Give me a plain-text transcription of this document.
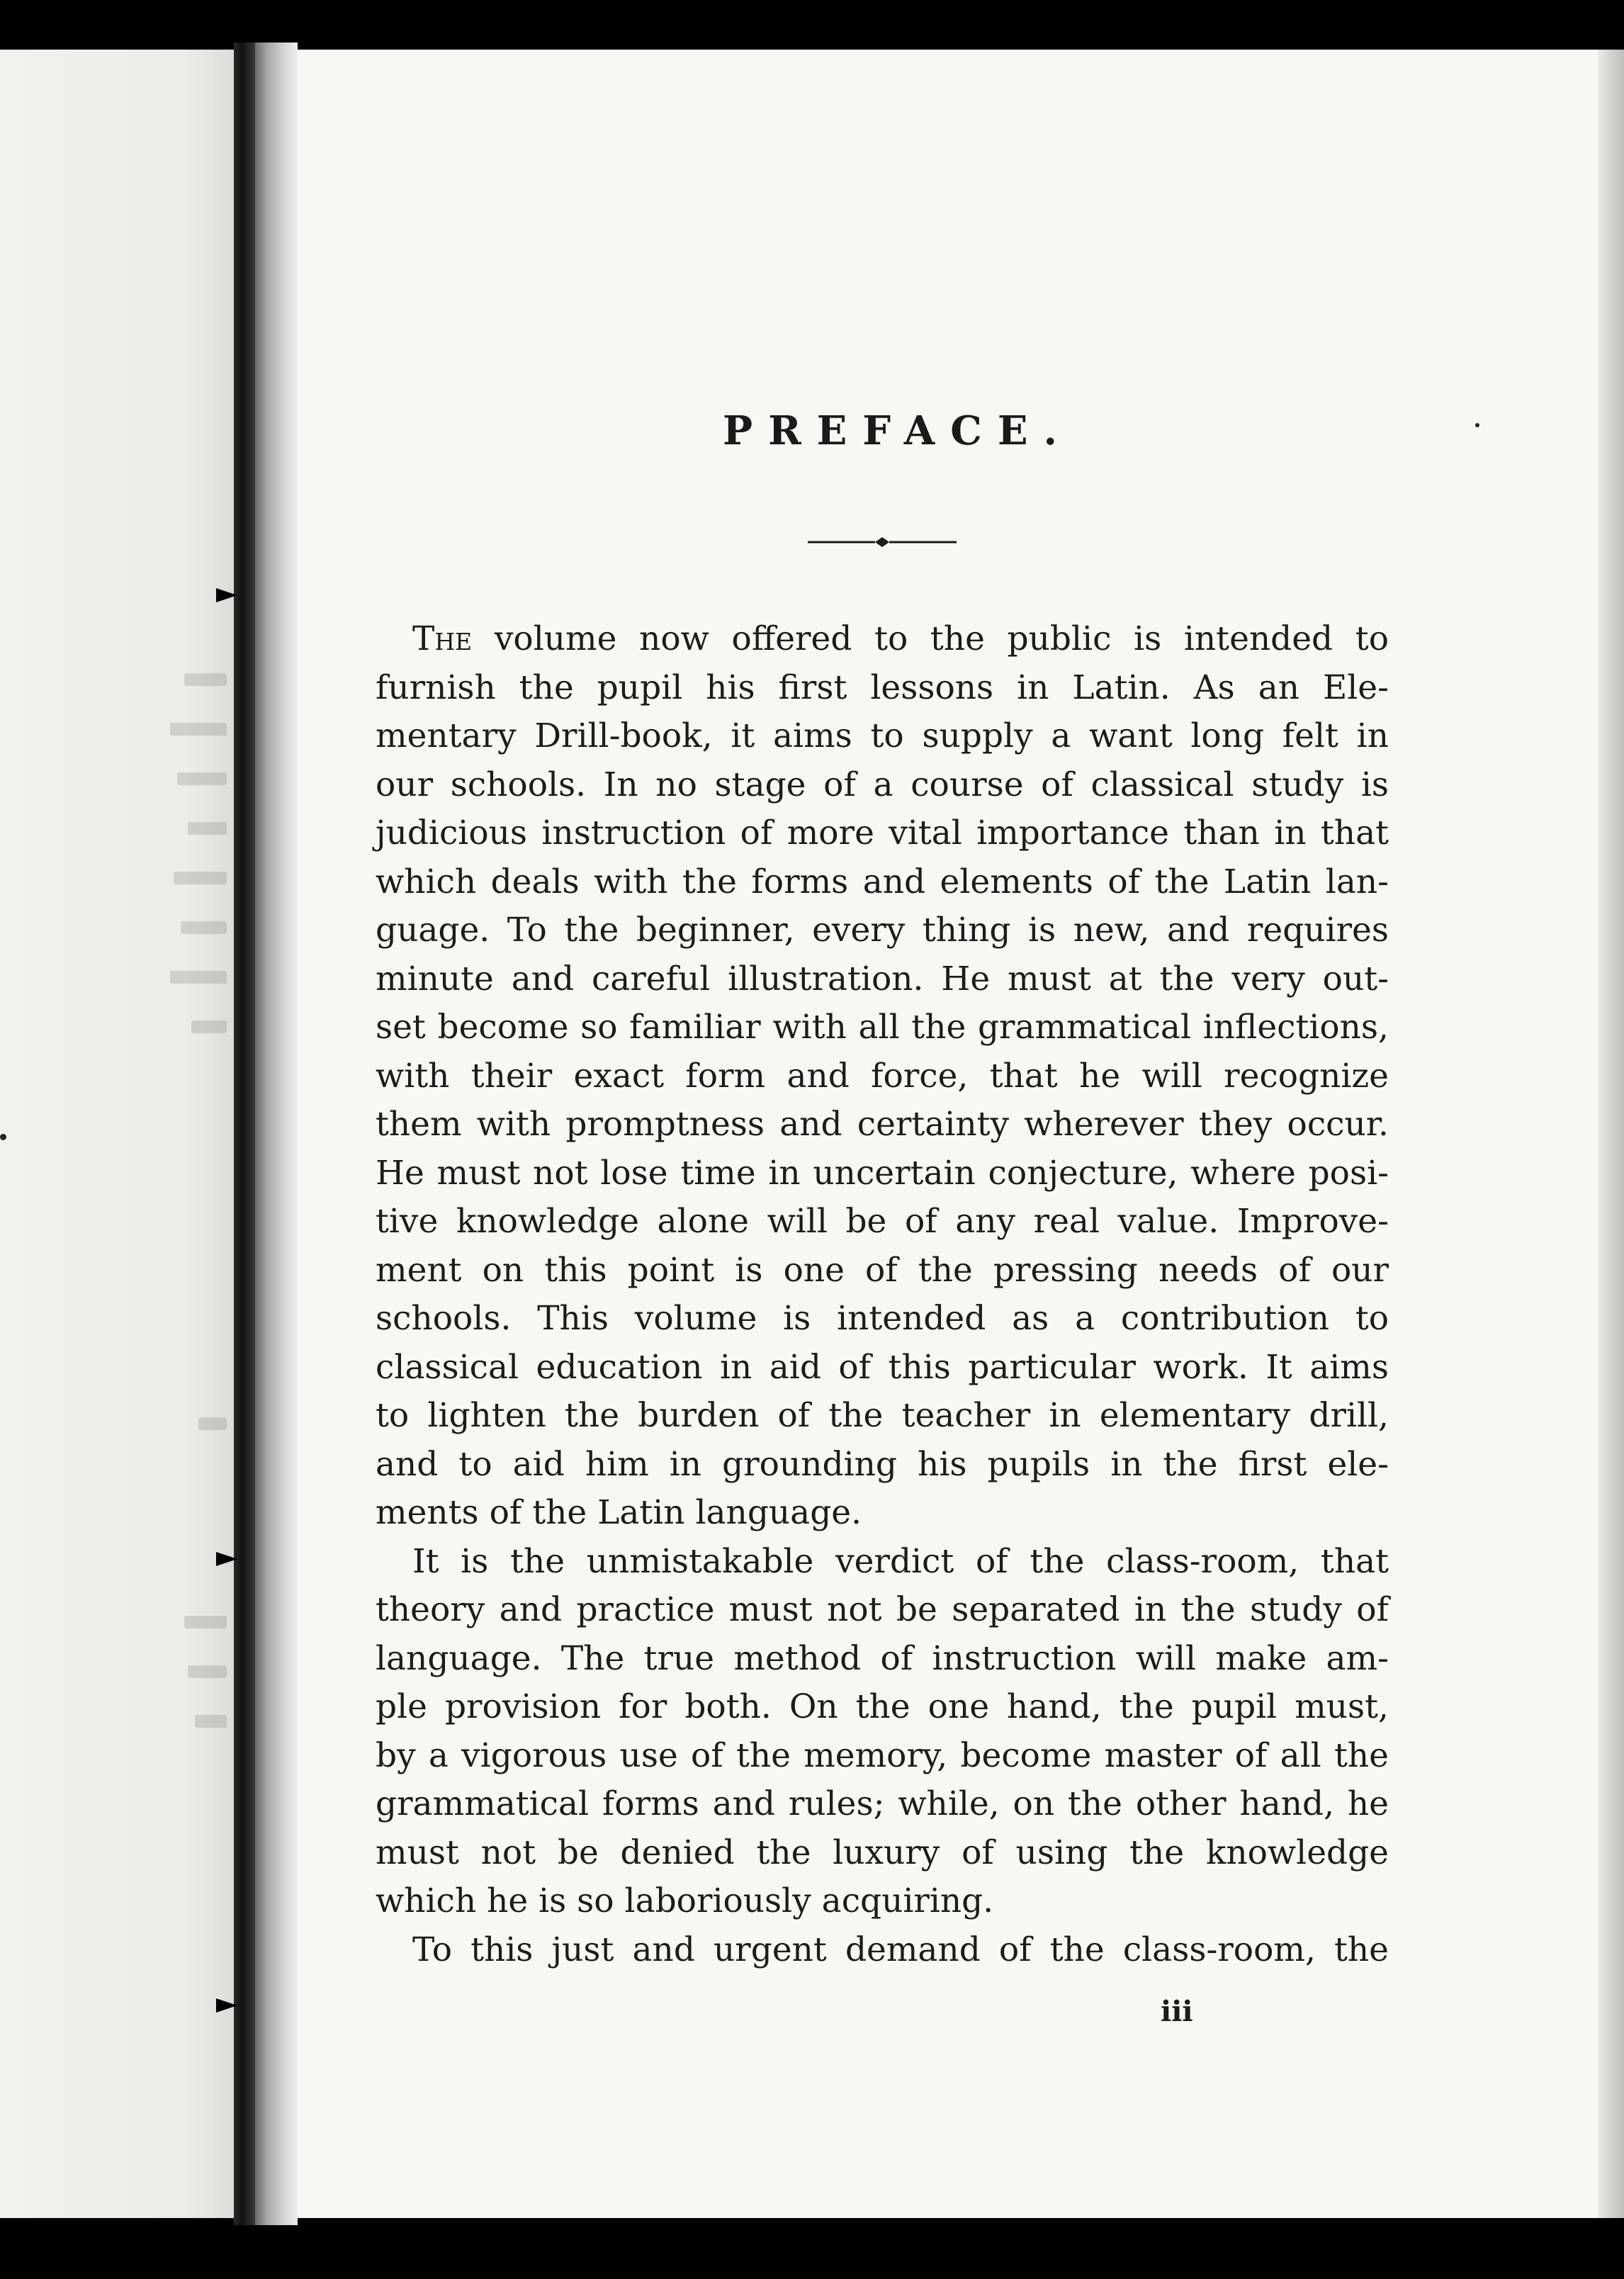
PREFACE.
The volume now offered to the public is intended to
furnish the pupil his first lessons in Latin. As an Ele-
mentary Drill-book, it aims to supply a want long felt in
our schools. In no stage of a course of classical study is
judicious instruction of more vital importance than in that
which deals with the forms and elements of the Latin lan-
guage. To the beginner, every thing is new, and requires
minute and careful illustration. He must at the very out-
set become so familiar with all the grammatical inflections,
with their exact form and force, that he will recognize
them with promptness and certainty wherever they occur.
He must not lose time in uncertain conjecture, where posi-
tive knowledge alone will be of any real value. Improve-
ment on this point is one of the pressing needs of our
schools. This volume is intended as a contribution to
classical education in aid of this particular work. It aims
to lighten the burden of the teacher in elementary drill,
and to aid him in grounding his pupils in the first ele-
ments of the Latin language.
It is the unmistakable verdict of the class-room, that
theory and practice must not be separated in the study of
language. The true method of instruction will make am-
ple provision for both. On the one hand, the pupil must,
by a vigorous use of the memory, become master of all the
grammatical forms and rules; while, on the other hand, he
must not be denied the luxury of using the knowledge
which he is so laboriously acquiring.
To this just and urgent demand of the class-room, the
iii
